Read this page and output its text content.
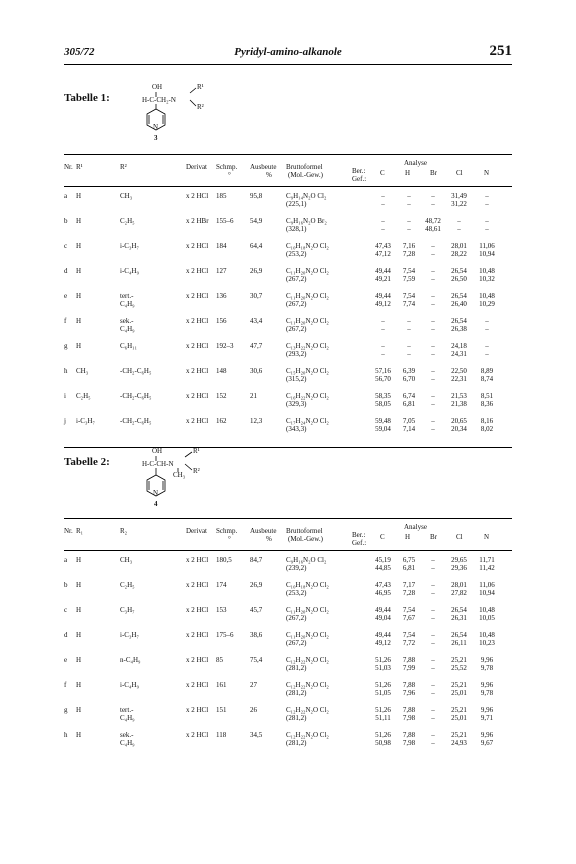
305/72	Pyridyl-amino-alkanole	251
Tabelle 1:
OH
H-C-CH₂-N
R¹
R²
N
3
Nr. R¹	R²	Derivat Schmp.
°
Ausbeute
%
Bruttoformel
(Mol.-Gew.)	Ber.:
Gef.:
Analyse
C	H	Br	Cl	N
a H	CH₃	x 2 HCl 185	95,8	C₉H₁₄N₂O Cl₂
(225,1)
–	–	–	31,49	–
–	–	–	31,22	–
b H	C₂H₅	x 2 HBr 155–6 54,9	C₉H₁₆N₂O Br₂
(328,1)
–	–	48,72	–	–
–	–	48,61	–	–
c H	i-C₃H₇	x 2 HCl 184	64,4	C₁₀H₁₈N₂O Cl₂
(253,2)
47,43	7,16	–	28,01	11,06
47,12	7,28	–	28,22	10,94
d H	i-C₄H₉	x 2 HCl 127	26,9	C₁₁H₂₀N₂O Cl₂
(267,2)
49,44	7,54	–	26,54	10,48
49,21	7,59	–	26,50	10,32
e H	tert.-
C₄H₉
x 2 HCl 136	30,7	C₁₁H₂₀N₂O Cl₂
(267,2)
49,44	7,54	–	26,54	10,48
49,12	7,74	–	26,40	10,29
f H	sek.-
C₄H₉
x 2 HCl 156	43,4	C₁₁H₂₀N₂O Cl₂
(267,2)
–	–	–	26,54	–
–	–	–	26,38	–
g H	C₆H₁₁	x 2 HCl 192–3 47,7	C₁₃H₂₂N₂O Cl₂
(293,2)
–	–	–	24,18	–
–	–	–	24,31	–
h CH₃	-CH₂-C₆H₅	x 2 HCl 148	30,6	C₁₅H₂₀N₂O Cl₂
(315,2)
57,16	6,39	–	22,50	8,89
56,70	6,70	–	22,31	8,74
i C₂H₅	-CH₂-C₆H₅	x 2 HCl 152	21	C₁₆H₂₂N₂O Cl₂
(329,3)
58,35	6,74	–	21,53	8,51
58,05	6,81	–	21,38	8,36
j i-C₃H₇	-CH₂-C₆H₅	x 2 HCl 162	12,3	C₁₇H₂₄N₂O Cl₂
(343,3)
59,48	7,05	–	20,65	8,16
59,04	7,14	–	20,34	8,02
Tabelle 2:
OH
H-C-CH-N
CH₃
R¹
R²
N
4
Nr. R₁	R₂	Derivat Schmp.
°
Ausbeute
%
Bruttoformel
(Mol.-Gew.)	Ber.:
Gef.:
Analyse
C	H	Br	Cl	N
a H	CH₃	x 2 HCl 180,5	84,7	C₉H₁₆N₂O Cl₂
(239,2)
45,19	6,75	–	29,65	11,71
44,85	6,81	–	29,36	11,42
b H	C₂H₅	x 2 HCl 174	26,9	C₁₀H₁₈N₂O Cl₂
(253,2)
47,43	7,17	–	28,01	11,06
46,95	7,28	–	27,82	10,94
c H	C₃H₇	x 2 HCl 153	45,7	C₁₁H₂₀N₂O Cl₂
(267,2)
49,44	7,54	–	26,54	10,48
49,04	7,67	–	26,31	10,05
d H	i-C₃H₇	x 2 HCl 175–6 38,6	C₁₁H₂₀N₂O Cl₂
(267,2)
49,44	7,54	–	26,54	10,48
49,12	7,72	–	26,11	10,23
e H	n-C₄H₉	x 2 HCl 85	75,4	C₁₂H₂₂N₂O Cl₂
(281,2)
51,26	7,88	–	25,21	9,96
51,03	7,99	–	25,52	9,78
f H	i-C₄H₉	x 2 HCl 161	27	C₁₂H₂₂N₂O Cl₂
(281,2)
51,26	7,88	–	25,21	9,96
51,05	7,96	–	25,01	9,78
g H	tert.-
C₄H₉
x 2 HCl 151	26	C₁₂H₂₂N₂O Cl₂
(281,2)
51,26	7,88	–	25,21	9,96
51,11	7,98	–	25,01	9,71
h H	sek.-
C₄H₉
x 2 HCl 118	34,5	C₁₂H₂₂N₂O Cl₂
(281,2)
51,26	7,88	–	25,21	9,96
50,98	7,98	–	24,93	9,67
